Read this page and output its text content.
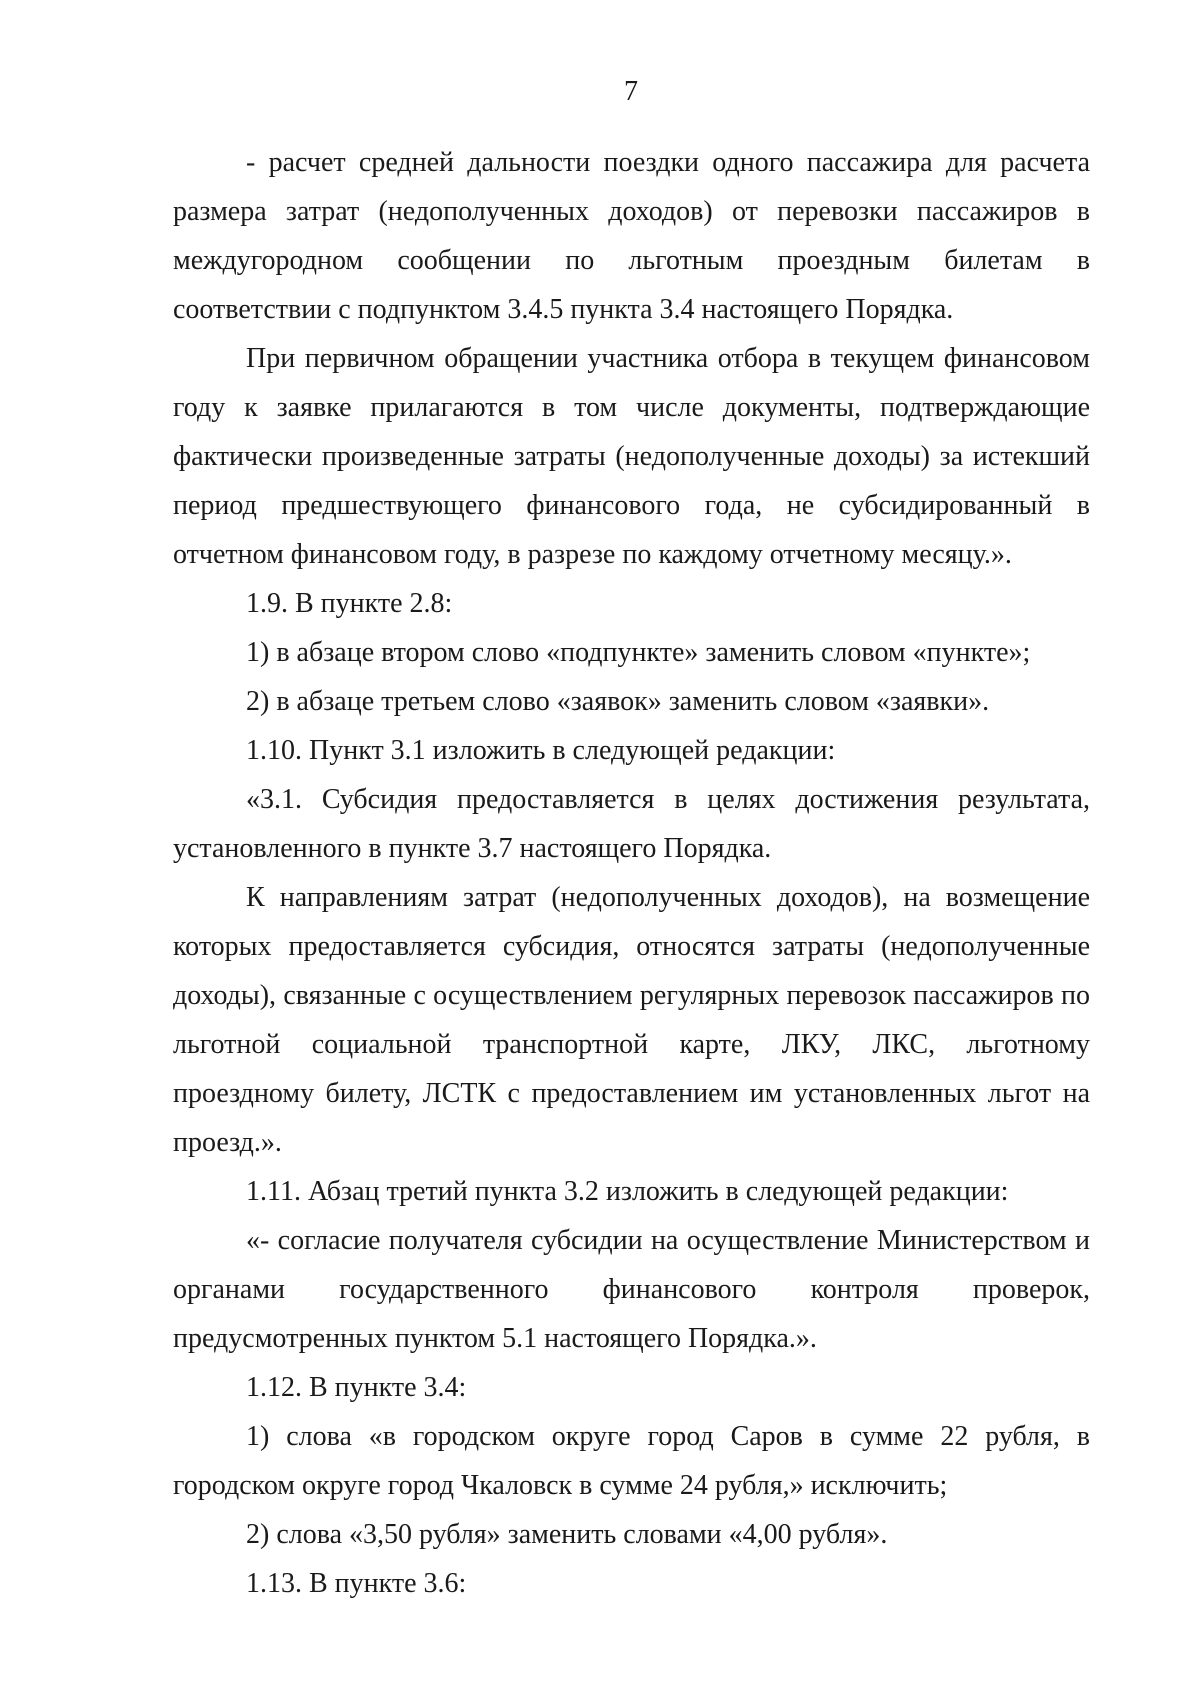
7

- расчет средней дальности поездки одного пассажира для расчета размера затрат (недополученных доходов) от перевозки пассажиров в междугородном сообщении по льготным проездным билетам в соответствии с подпунктом 3.4.5 пункта 3.4 настоящего Порядка.

При первичном обращении участника отбора в текущем финансовом году к заявке прилагаются в том числе документы, подтверждающие фактически произведенные затраты (недополученные доходы) за истекший период предшествующего финансового года, не субсидированный в отчетном финансовом году, в разрезе по каждому отчетному месяцу.».

1.9. В пункте 2.8:

1) в абзаце втором слово «подпункте» заменить словом «пункте»;

2) в абзаце третьем слово «заявок» заменить словом «заявки».

1.10. Пункт 3.1 изложить в следующей редакции:

«3.1. Субсидия предоставляется в целях достижения результата, установленного в пункте 3.7 настоящего Порядка.

К направлениям затрат (недополученных доходов), на возмещение которых предоставляется субсидия, относятся затраты (недополученные доходы), связанные с осуществлением регулярных перевозок пассажиров по льготной социальной транспортной карте, ЛКУ, ЛКС, льготному проездному билету, ЛСТК с предоставлением им установленных льгот на проезд.».

1.11. Абзац третий пункта 3.2 изложить в следующей редакции:

«- согласие получателя субсидии на осуществление Министерством и органами государственного финансового контроля проверок, предусмотренных пунктом 5.1 настоящего Порядка.».

1.12. В пункте 3.4:

1) слова «в городском округе город Саров в сумме 22 рубля, в городском округе город Чкаловск в сумме 24 рубля,» исключить;

2) слова «3,50 рубля» заменить словами «4,00 рубля».

1.13. В пункте 3.6:
